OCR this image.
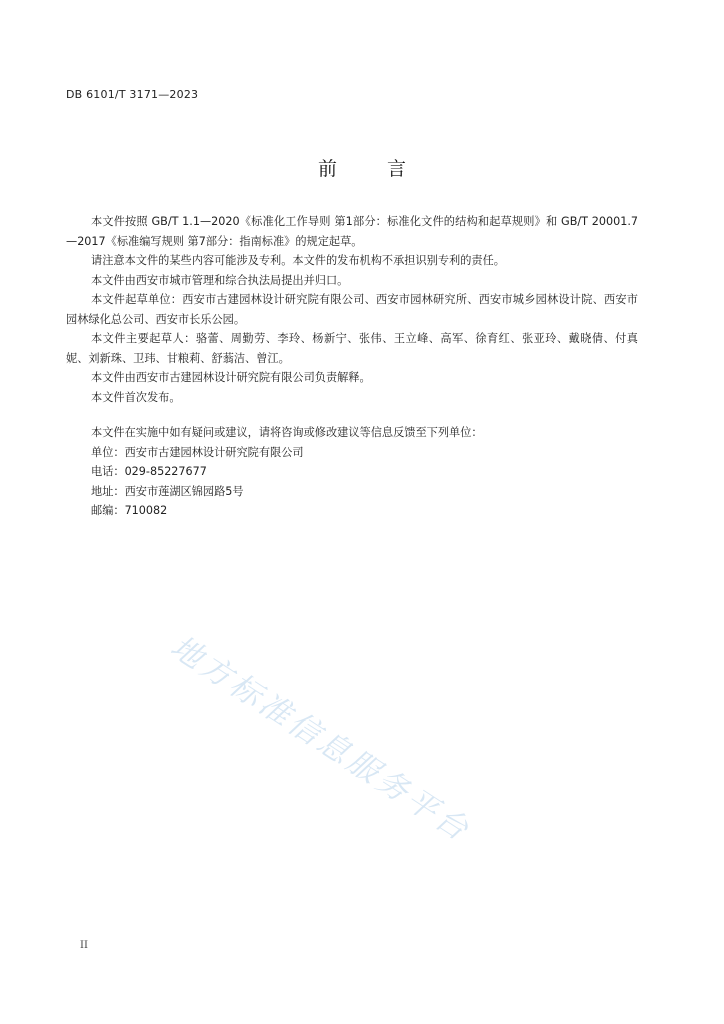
DB 6101/T 3171—2023
前 言

本文件按照 GB/T 1.1—2020《标准化工作导则 第1部分：标准化文件的结构和起草规则》和 GB/T 20001.7—2017《标准编写规则 第7部分：指南标准》的规定起草。

请注意本文件的某些内容可能涉及专利。本文件的发布机构不承担识别专利的责任。

本文件由西安市城市管理和综合执法局提出并归口。

本文件起草单位：西安市古建园林设计研究院有限公司、西安市园林研究所、西安市城乡园林设计院、西安市园林绿化总公司、西安市长乐公园。

本文件主要起草人：骆蕾、周勤劳、李玲、杨新宁、张伟、王立峰、高军、徐育红、张亚玲、戴晓倩、付真妮、刘新珠、卫玮、甘粮莉、舒蓊洁、曾江。

本文件由西安市古建园林设计研究院有限公司负责解释。

本文件首次发布。

本文件在实施中如有疑问或建议，请将咨询或修改建议等信息反馈至下列单位：

单位：西安市古建园林设计研究院有限公司

电话：029-85227677

地址：西安市莲湖区锦园路5号

邮编：710082

地方标准信息服务平台
II
